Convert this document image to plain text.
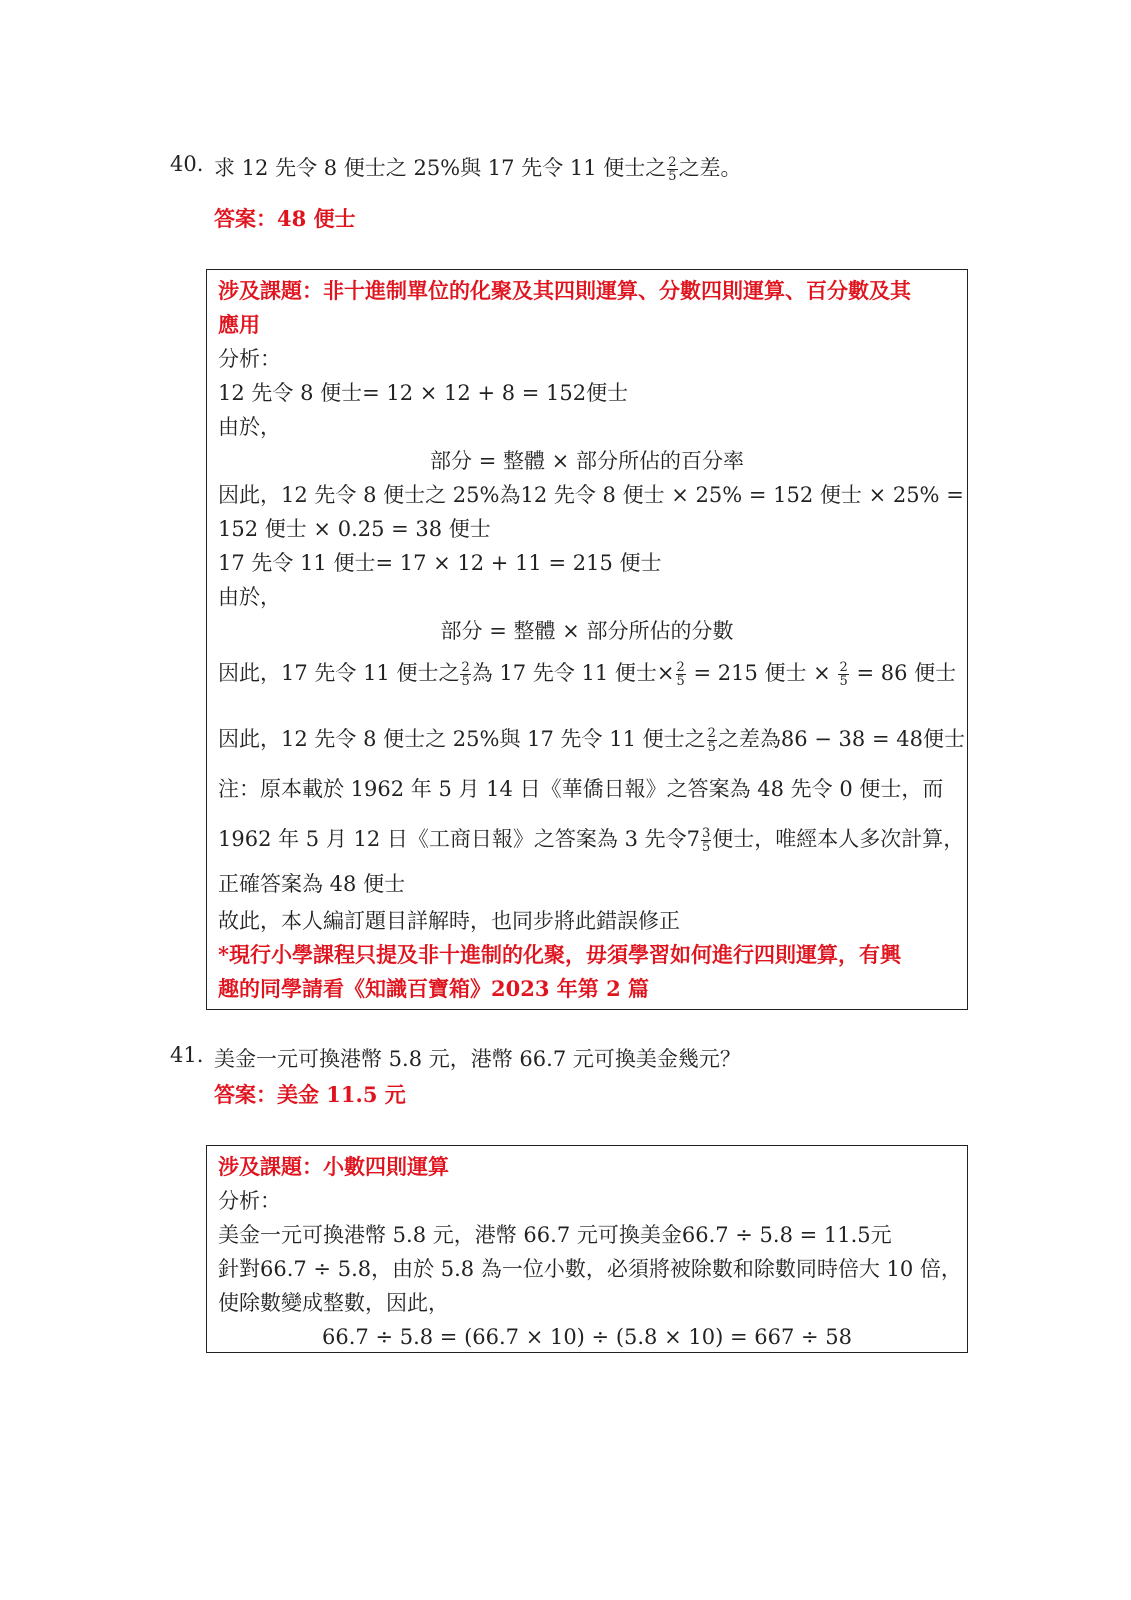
40. 求 12 先令 8 便士之 25%與 17 先令 11 便士之 $\frac{2}{5}$ 之差。
答案：48 便士
涉及課題：非十進制單位的化聚及其四則運算、分數四則運算、百分數及其
應用
分析：
12 先令 8 便士= 12 × 12 + 8 = 152便士
由於，
部分 = 整體 × 部分所佔的百分率
因此，12 先令 8 便士之 25%為12 先令 8 便士 × 25% = 152 便士 × 25% =
152 便士 × 0.25 = 38 便士
17 先令 11 便士= 17 × 12 + 11 = 215 便士
由於，
部分 = 整體 × 部分所佔的分數
因此，17 先令 11 便士之 $\frac{2}{5}$ 為 17 先令 11 便士× $\frac{2}{5} = 215$ 便士 × $\frac{2}{5} = 86$ 便士
因此，12 先令 8 便士之 25%與 17 先令 11 便士之 $\frac{2}{5}$ 之差為86 − 38 = 48便士
注：原本載於 1962 年 5 月 14 日《華僑日報》之答案為 48 先令 0 便士，而
1962 年 5 月 12 日《工商日報》之答案為 3 先令$7 \frac{3}{5}$ 便士，唯經本人多次計算，
正確答案為 48 便士
故此，本人編訂題目詳解時，也同步將此錯誤修正
*現行小學課程只提及非十進制的化聚，毋須學習如何進行四則運算，有興
趣的同學請看《知識百寶箱》2023 年第 2 篇
41. 美金一元可換港幣 5.8 元，港幣 66.7 元可換美金幾元？
答案：美金 11.5 元
涉及課題：小數四則運算
分析：
美金一元可換港幣 5.8 元，港幣 66.7 元可換美金66.7 ÷ 5.8 = 11.5元
針對66.7 ÷ 5.8，由於 5.8 為一位小數，必須將被除數和除數同時倍大 10 倍，
使除數變成整數，因此，
66.7 ÷ 5.8 = (66.7 × 10) ÷ (5.8 × 10) = 667 ÷ 58
